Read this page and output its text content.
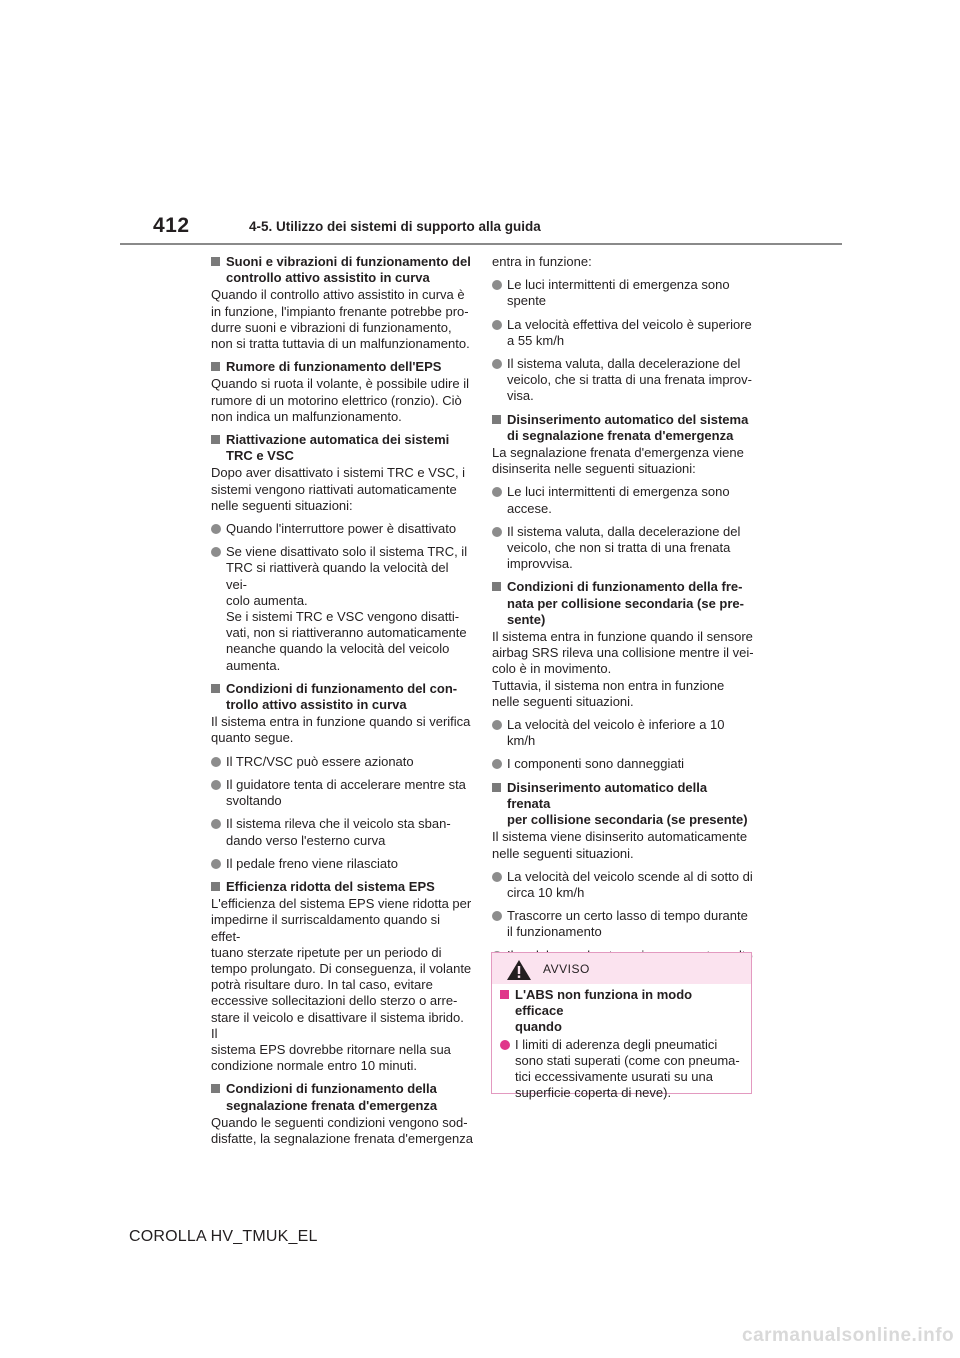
412	4-5. Utilizzo dei sistemi di supporto alla guida
Suoni e vibrazioni di funzionamento del
controllo attivo assistito in curva
Quando il controllo attivo assistito in curva è
in funzione, l'impianto frenante potrebbe pro-
durre suoni e vibrazioni di funzionamento,
non si tratta tuttavia di un malfunzionamento.
Rumore di funzionamento dell'EPS
Quando si ruota il volante, è possibile udire il
rumore di un motorino elettrico (ronzio). Ciò
non indica un malfunzionamento.
Riattivazione automatica dei sistemi
TRC e VSC
Dopo aver disattivato i sistemi TRC e VSC, i
sistemi vengono riattivati automaticamente
nelle seguenti situazioni:
Quando l'interruttore power è disattivato
Se viene disattivato solo il sistema TRC, il
TRC si riattiverà quando la velocità del vei-
colo aumenta.
Se i sistemi TRC e VSC vengono disatti-
vati, non si riattiveranno automaticamente
neanche quando la velocità del veicolo
aumenta.
Condizioni di funzionamento del con-
trollo attivo assistito in curva
Il sistema entra in funzione quando si verifica
quanto segue.
Il TRC/VSC può essere azionato
Il guidatore tenta di accelerare mentre sta
svoltando
Il sistema rileva che il veicolo sta sban-
dando verso l'esterno curva
Il pedale freno viene rilasciato
Efficienza ridotta del sistema EPS
L'efficienza del sistema EPS viene ridotta per
impedirne il surriscaldamento quando si effet-
tuano sterzate ripetute per un periodo di
tempo prolungato. Di conseguenza, il volante
potrà risultare duro. In tal caso, evitare
eccessive sollecitazioni dello sterzo o arre-
stare il veicolo e disattivare il sistema ibrido. Il
sistema EPS dovrebbe ritornare nella sua
condizione normale entro 10 minuti.
Condizioni di funzionamento della
segnalazione frenata d'emergenza
Quando le seguenti condizioni vengono sod-
disfatte, la segnalazione frenata d'emergenza
entra in funzione:
Le luci intermittenti di emergenza sono
spente
La velocità effettiva del veicolo è superiore
a 55 km/h
Il sistema valuta, dalla decelerazione del
veicolo, che si tratta di una frenata improv-
visa.
Disinserimento automatico del sistema
di segnalazione frenata d'emergenza
La segnalazione frenata d'emergenza viene
disinserita nelle seguenti situazioni:
Le luci intermittenti di emergenza sono
accese.
Il sistema valuta, dalla decelerazione del
veicolo, che non si tratta di una frenata
improvvisa.
Condizioni di funzionamento della fre-
nata per collisione secondaria (se pre-
sente)
Il sistema entra in funzione quando il sensore
airbag SRS rileva una collisione mentre il vei-
colo è in movimento.
Tuttavia, il sistema non entra in funzione
nelle seguenti situazioni.
La velocità del veicolo è inferiore a 10 km/h
I componenti sono danneggiati
Disinserimento automatico della frenata
per collisione secondaria (se presente)
Il sistema viene disinserito automaticamente
nelle seguenti situazioni.
La velocità del veicolo scende al di sotto di
circa 10 km/h
Trascorre un certo lasso di tempo durante
il funzionamento
AVVISO
L'ABS non funziona in modo efficace
quando
I limiti di aderenza degli pneumatici
sono stati superati (come con pneuma-
tici eccessivamente usurati su una
superficie coperta di neve).
COROLLA HV_TMUK_EL
carmanualsonline.info
